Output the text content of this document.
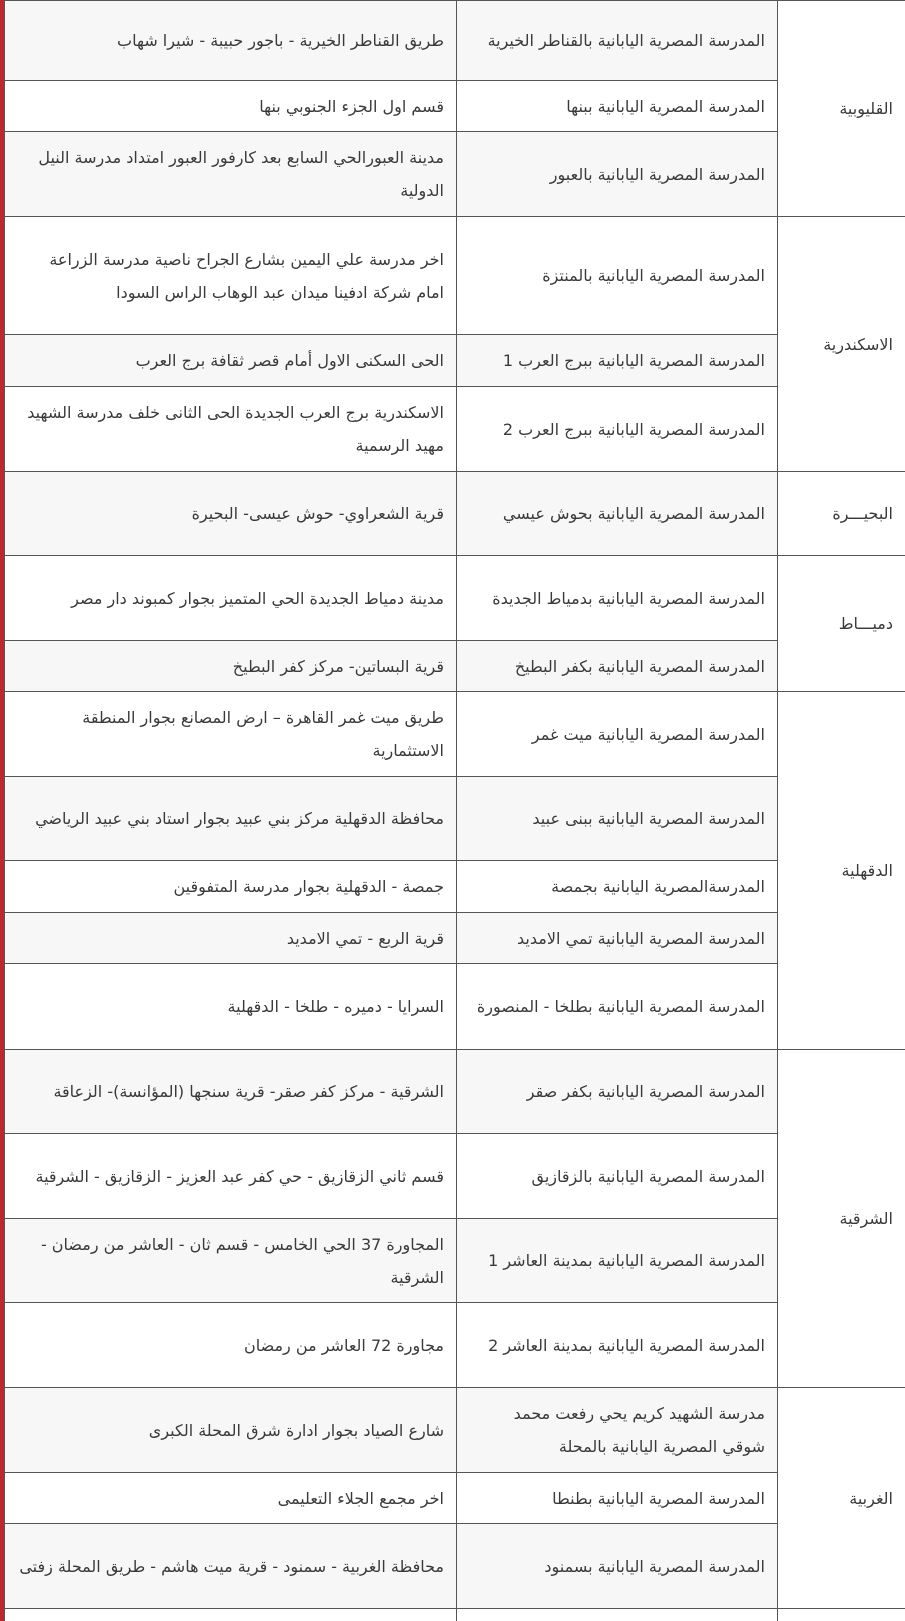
القليوبية	المدرسة المصرية اليابانية بالقناطر الخيرية	طريق القناطر الخيرية - باجور حبيبة - شيرا شهاب
	المدرسة المصرية اليابانية ببنها	قسم اول الجزء الجنوبي بنها
	المدرسة المصرية اليابانية بالعبور	مدينة العبورالحي السابع بعد كارفور العبور امتداد مدرسة النيل الدولية
الاسكندرية	المدرسة المصرية اليابانية بالمنتزة	اخر مدرسة علي اليمين بشارع الجراح ناصية مدرسة الزراعة امام شركة ادفينا ميدان عبد الوهاب الراس السودا
	المدرسة المصرية اليابانية ببرج العرب 1	الحى السكنى الاول أمام قصر ثقافة برج العرب
	المدرسة المصرية اليابانية ببرج العرب 2	الاسكندرية برج العرب الجديدة الحى الثانى خلف مدرسة الشهيد مهيد الرسمية
البحيـــرة	المدرسة المصرية اليابانية بحوش عيسي	قرية الشعراوي- حوش عيسى- البحيرة
دميـــاط	المدرسة المصرية اليابانية بدمياط الجديدة	مدينة دمياط الجديدة الحي المتميز بجوار كمبوند دار مصر
	المدرسة المصرية اليابانية بكفر البطيخ	قرية البساتين- مركز كفر البطيخ
الدقهلية	المدرسة المصرية اليابانية ميت غمر	طريق ميت غمر القاهرة – ارض المصانع بجوار المنطقة الاستثمارية
	المدرسة المصرية اليابانية ببنى عبيد	محافظة الدقهلية مركز بني عبيد بجوار استاد بني عبيد الرياضي
	المدرسةالمصرية اليابانية بجمصة	جمصة - الدقهلية بجوار مدرسة المتفوقين
	المدرسة المصرية اليابانية تمي الامديد	قرية الربع - تمي الامديد
	المدرسة المصرية اليابانية بطلخا - المنصورة	السرايا - دميره - طلخا - الدقهلية
الشرقية	المدرسة المصرية اليابانية بكفر صقر	الشرقية - مركز كفر صقر- قرية سنجها (المؤانسة)- الزعاقة
	المدرسة المصرية اليابانية بالزقازيق	قسم ثاني الزقازيق - حي كفر عبد العزيز - الزقازيق - الشرقية
	المدرسة المصرية اليابانية بمدينة العاشر 1	المجاورة 37 الحي الخامس - قسم ثان - العاشر من رمضان - الشرقية
	المدرسة المصرية اليابانية بمدينة العاشر 2	مجاورة 72 العاشر من رمضان
الغربية	مدرسة الشهيد كريم يحي رفعت محمد شوقي المصرية اليابانية بالمحلة	شارع الصياد بجوار ادارة شرق المحلة الكبرى
	المدرسة المصرية اليابانية بطنطا	اخر مجمع الجلاء التعليمى
	المدرسة المصرية اليابانية بسمنود	محافظة الغربية - سمنود - قرية ميت هاشم - طريق المحلة زفتى
